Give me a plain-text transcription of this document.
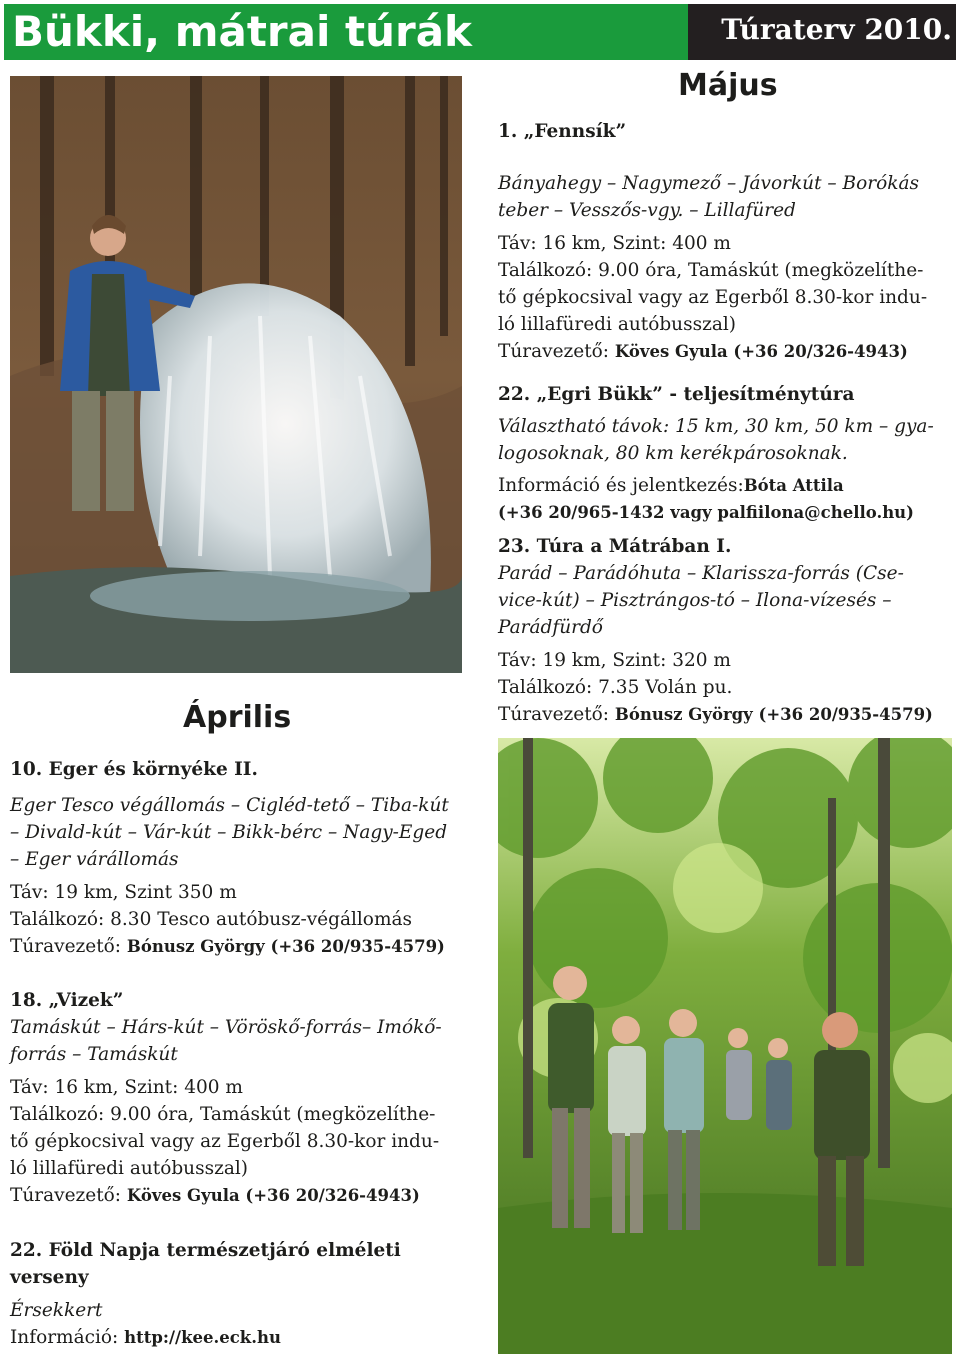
Bükki, mátrai túrák	Túraterv 2010.
Május
1. „Fennsík”
Bányahegy – Nagymező – Jávorkút – Borókás
teber – Vesszős-vgy. – Lillafüred
Táv: 16 km, Szint: 400 m
Találkozó: 9.00 óra, Tamáskút (megközelíthe-
tő gépkocsival vagy az Egerből 8.30-kor indu-
ló lillafüredi autóbusszal)
Túravezető: Köves Gyula (+36 20/326-4943)
22. „Egri Bükk” - teljesítménytúra
Választható távok: 15 km, 30 km, 50 km – gya-
logosoknak, 80 km kerékpárosoknak.
Információ és jelentkezés:Bóta Attila
(+36 20/965-1432 vagy palfiilona@chello.hu)
23. Túra a Mátrában I.
Parád – Parádóhuta – Klarissza-forrás (Cse-
vice-kút) – Pisztrángos-tó – Ilona-vízesés –
Parádfürdő
Táv: 19 km, Szint: 320 m
Találkozó: 7.35 Volán pu.
Túravezető: Bónusz György (+36 20/935-4579)
Április
10. Eger és környéke II.
Eger Tesco végállomás – Cigléd-tető – Tiba-kút
– Divald-kút – Vár-kút – Bikk-bérc – Nagy-Eged
– Eger várállomás
Táv: 19 km, Szint 350 m
Találkozó: 8.30 Tesco autóbusz-végállomás
Túravezető: Bónusz György (+36 20/935-4579)
18. „Vizek”
Tamáskút – Hárs-kút – Vöröskő-forrás– Imókő-
forrás – Tamáskút
Táv: 16 km, Szint: 400 m
Találkozó: 9.00 óra, Tamáskút (megközelíthe-
tő gépkocsival vagy az Egerből 8.30-kor indu-
ló lillafüredi autóbusszal)
Túravezető: Köves Gyula (+36 20/326-4943)
22. Föld Napja természetjáró elméleti
verseny
Érsekkert
Információ: http://kee.eck.hu
